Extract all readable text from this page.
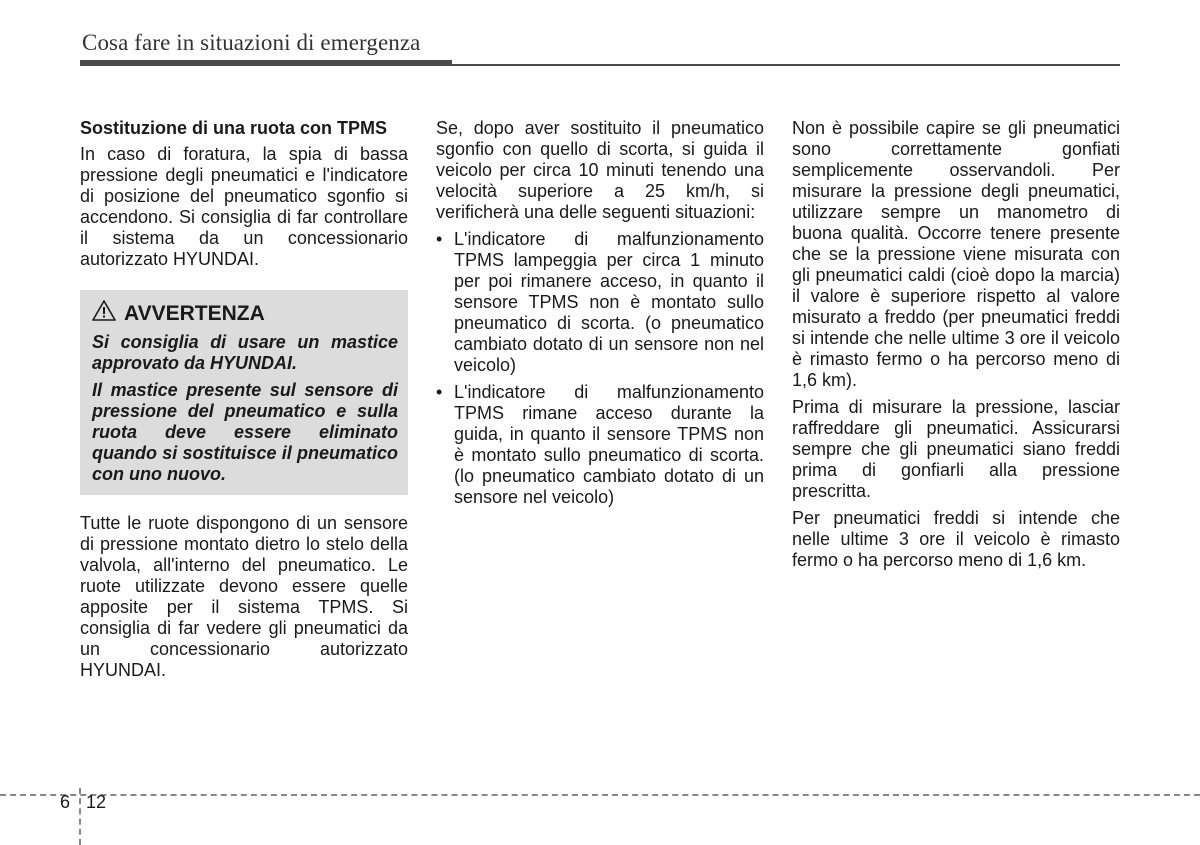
Cosa fare in situazioni di emergenza

Sostituzione di una ruota con TPMS

In caso di foratura, la spia di bassa pressione degli pneumatici e l'indicatore di posizione del pneumatico sgonfio si accendono. Si consiglia di far controllare il sistema da un concessionario autorizzato HYUNDAI.

AVVERTENZA

Si consiglia di usare un mastice approvato da HYUNDAI.

Il mastice presente sul sensore di pressione del pneumatico e sulla ruota deve essere eliminato quando si sostituisce il pneumatico con uno nuovo.

Tutte le ruote dispongono di un sensore di pressione montato dietro lo stelo della valvola, all'interno del pneumatico. Le ruote utilizzate devono essere quelle apposite per il sistema TPMS. Si consiglia di far vedere gli pneumatici da un concessionario autorizzato HYUNDAI.

Se, dopo aver sostituito il pneumatico sgonfio con quello di scorta, si guida il veicolo per circa 10 minuti tenendo una velocità superiore a 25 km/h, si verificherà una delle seguenti situazioni:

• L'indicatore di malfunzionamento TPMS lampeggia per circa 1 minuto per poi rimanere acceso, in quanto il sensore TPMS non è montato sullo pneumatico di scorta. (o pneumatico cambiato dotato di un sensore non nel veicolo)
• L'indicatore di malfunzionamento TPMS rimane acceso durante la guida, in quanto il sensore TPMS non è montato sullo pneumatico di scorta. (lo pneumatico cambiato dotato di un sensore nel veicolo)

Non è possibile capire se gli pneumatici sono correttamente gonfiati semplicemente osservandoli. Per misurare la pressione degli pneumatici, utilizzare sempre un manometro di buona qualità. Occorre tenere presente che se la pressione viene misurata con gli pneumatici caldi (cioè dopo la marcia) il valore è superiore rispetto al valore misurato a freddo (per pneumatici freddi si intende che nelle ultime 3 ore il veicolo è rimasto fermo o ha percorso meno di 1,6 km).

Prima di misurare la pressione, lasciar raffreddare gli pneumatici. Assicurarsi sempre che gli pneumatici siano freddi prima di gonfiarli alla pressione prescritta.

Per pneumatici freddi si intende che nelle ultime 3 ore il veicolo è rimasto fermo o ha percorso meno di 1,6 km.

6 12
